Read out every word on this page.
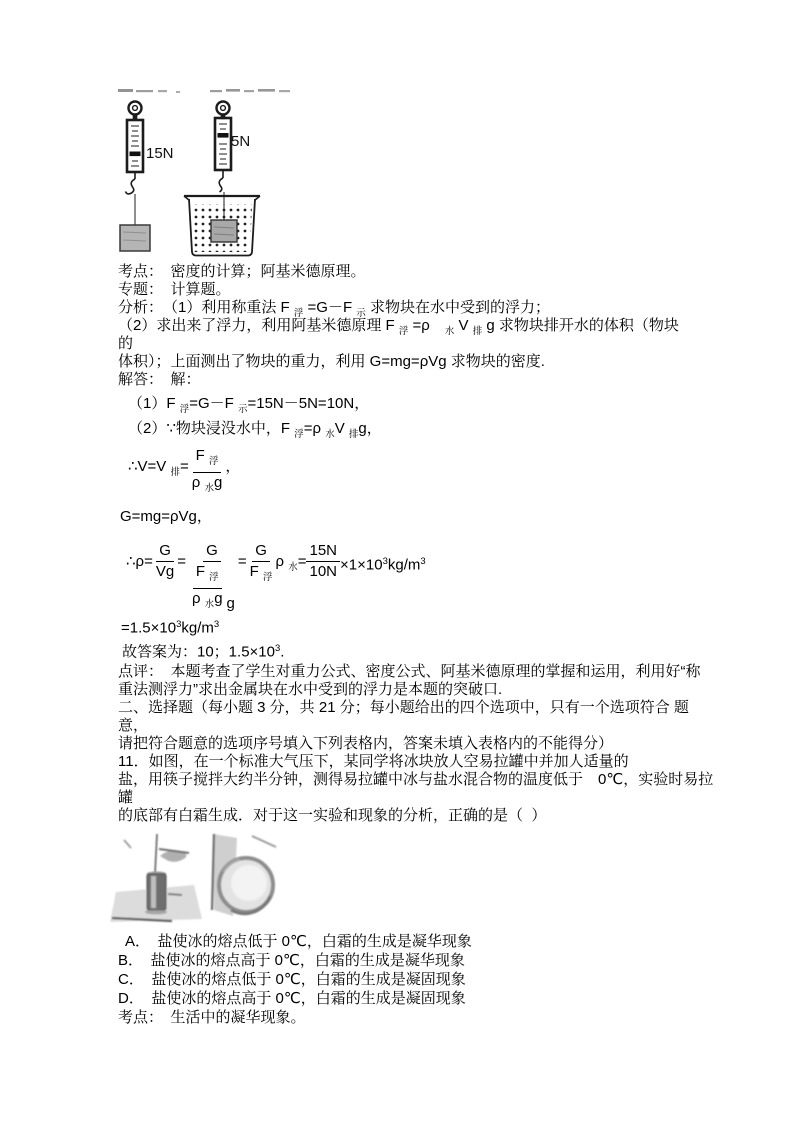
15N
5N
考点：　密度的计算；阿基米德原理。
专题：　计算题。
分析：　（1）利用称重法 F $_浮$ =G－F $_示$ 求物块在水中受到的浮力；
（2）求出来了浮力，利用阿基米德原理 F $_浮$ =ρ　$_水$ V $_排$ g 求物块排开水的体积（物块
的
体积）；上面测出了物块的重力，利用 G=mg=ρVg 求物块的密度.
解答：　解：
（1）F $_浮$=G－F $_示$=15N－5N=10N，
（2）∵物块浸没水中，F $_浮$=ρ $_水$V $_排$g，
∴V=V $_排= \frac{F _浮}{\rho _水g}$ ，
G=mg=ρVg，
∴ρ= $\frac{G}{Vg} = \frac{G}{\frac{F _浮}{\rho _水g} g} = \frac{G}{F _浮}$ ρ $_水= \frac{15N}{10N} \times 1\times 10^3kg/m^3$
$=1.5\times 10^3kg/m^3$
故答案为：10；$1.5\times 10^3$.
点评：　本题考查了学生对重力公式、密度公式、阿基米德原理的掌握和运用，利用好“称
重法测浮力”求出金属块在水中受到的浮力是本题的突破口.
二、选择题（每小题 3 分，共 21 分；每小题给出的四个选项中，只有一个选项符合 题
意，
请把符合题意的选项序号填入下列表格内，答案未填入表格内的不能得分）
11．如图，在一个标准大气压下，某同学将冰块放人空易拉罐中并加人适量的
盐，用筷子搅拌大约半分钟，测得易拉罐中冰与盐水混合物的温度低于　0℃，实验时易拉
罐
的底部有白霜生成．对于这一实验和现象的分析，正确的是（  ）
A．　盐使冰的熔点低于 0℃，白霜的生成是凝华现象
B．　盐使冰的熔点高于 0℃，白霜的生成是凝华现象
C．　盐使冰的熔点低于 0℃，白霜的生成是凝固现象
D．　盐使冰的熔点高于 0℃，白霜的生成是凝固现象
考点：　生活中的凝华现象。
